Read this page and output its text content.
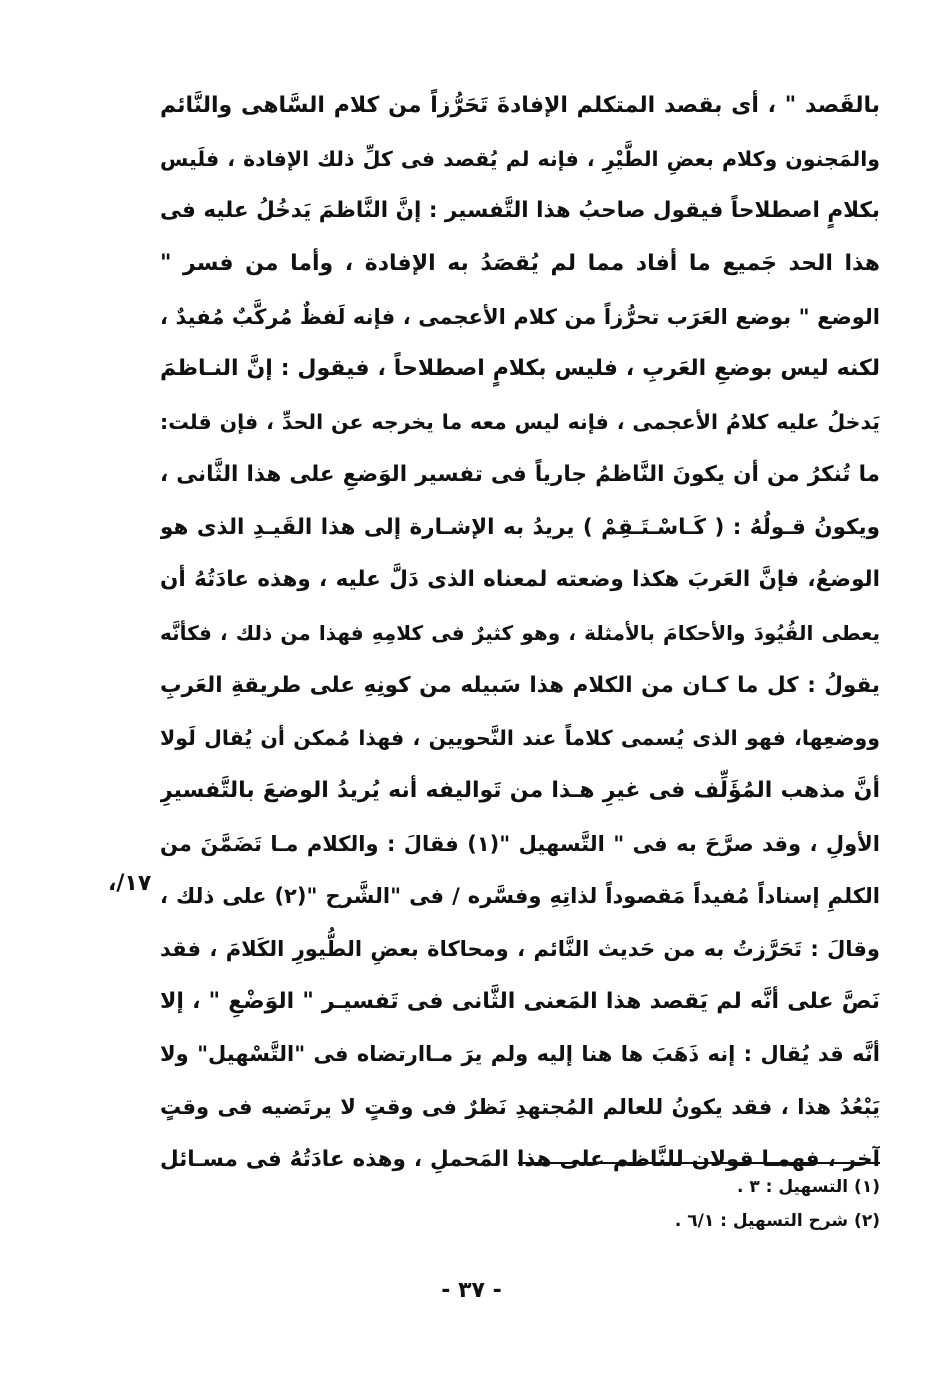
بالقَصد " ، أى بقصد المتكلم الإفادةَ تَحَرُّزاً من كلام السَّاهى والنَّائم
والمَجنون وكلام بعضِ الطَّيْرِ ، فإنه لم يُقصد فى كلِّ ذلك الإفادة ، فلَيس
بكلامٍ اصطلاحاً فيقول صاحبُ هذا التَّفسير : إنَّ النَّاظمَ يَدخُلُ عليه فى
هذا الحد جَميع ما أفاد مما لم يُقصَدُ به الإفادة ، وأما من فسر "
الوضع " بوضع العَرَب تحرُّزاً من كلام الأعجمى ، فإنه لَفظٌ مُركَّبٌ مُفيدٌ ،
لكنه ليس بوضعِ العَربِ ، فليس بكلامٍ اصطلاحاً ، فيقول : إنَّ النـاظمَ
يَدخلُ عليه كلامُ الأعجمى ، فإنه ليس معه ما يخرجه عن الحدِّ ، فإن قلت:
ما تُنكرُ من أن يكونَ النَّاظمُ جارياً فى تفسير الوَضعِ على هذا الثَّانى ،
ويكونُ قـولُهُ : ( كَـاسْـتَـقِمْ ) يريدُ به الإشـارة إلى هذا القَيـدِ الذى هو
الوضعُ، فإنَّ العَربَ هكذا وضعته لمعناه الذى دَلَّ عليه ، وهذه عادَتُهُ أن
يعطى القُيُودَ والأحكامَ بالأمثلة ، وهو كثيرٌ فى كلامِهِ فهذا من ذلك ، فكأنَّه
يقولُ : كل ما كـان من الكلام هذا سَبيله من كونِهِ على طريقةِ العَربِ
ووضعِها، فهو الذى يُسمى كلاماً عند النَّحويين ، فهذا مُمكن أن يُقال لَولا
أنَّ مذهب المُؤَلِّف فى غيرِ هـذا من تَواليفه أنه يُريدُ الوضعَ بالتَّفسيرِ
الأولِ ، وقد صرَّحَ به فى " التَّسهيل "(١) فقالَ : والكلام مـا تَضَمَّنَ من
الكلمِ إسناداً مُفيداً مَقصوداً لذاتِهِ وفسَّره / فى "الشَّرح "(٢) على ذلك ،
وقالَ : تَحَرَّزتُ به من حَديث النَّائم ، ومحاكاة بعضِ الطُّيورِ الكَلامَ ، فقد
نَصَّ على أنَّه لم يَقصد هذا المَعنى الثَّانى فى تَفسيـر " الوَضْعِ " ، إلا
أنَّه قد يُقال : إنه ذَهَبَ ها هنا إليه ولم يرَ مـاارتضاه فى "التَّسْهيل" ولا
يَبْعُدُ هذا ، فقد يكونُ للعالم المُجتهدِ نَظرٌ فى وقتٍ لا يرتَضيه فى وقتٍ
آخر ، فهمـا قولان للنَّاظم على هذا المَحملِ ، وهذه عادَتُهُ فى مسـائل
١٧/،
(١) التسهيل : ٣ .
(٢) شرح التسهيل : ٦/١ .
- ٣٧ -
